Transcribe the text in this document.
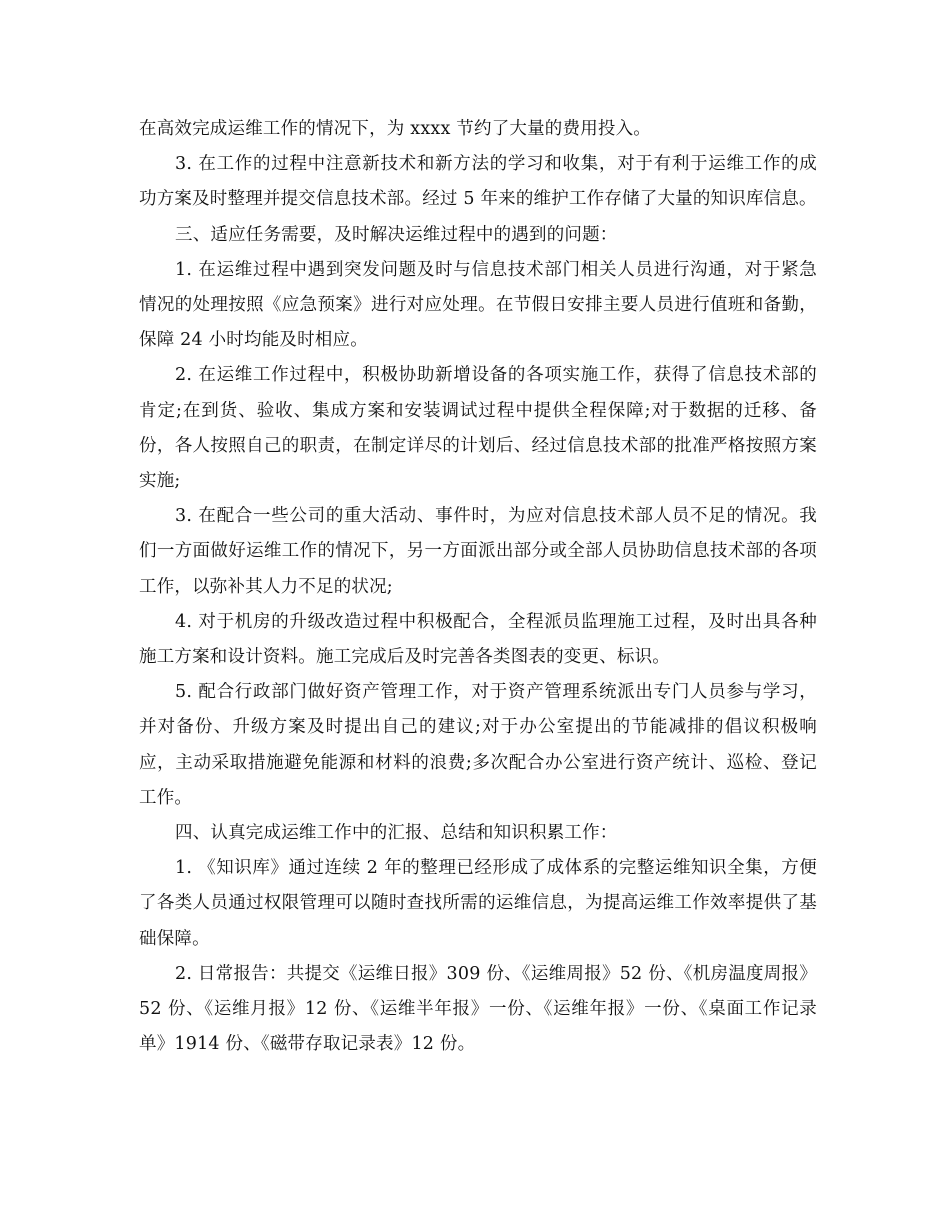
在高效完成运维工作的情况下，为 xxxx 节约了大量的费用投入。

3. 在工作的过程中注意新技术和新方法的学习和收集，对于有利于运维工作的成功方案及时整理并提交信息技术部。经过 5 年来的维护工作存储了大量的知识库信息。

三、适应任务需要，及时解决运维过程中的遇到的问题：

1. 在运维过程中遇到突发问题及时与信息技术部门相关人员进行沟通，对于紧急情况的处理按照《应急预案》进行对应处理。在节假日安排主要人员进行值班和备勤，保障 24 小时均能及时相应。

2. 在运维工作过程中，积极协助新增设备的各项实施工作，获得了信息技术部的肯定;在到货、验收、集成方案和安装调试过程中提供全程保障;对于数据的迁移、备份，各人按照自己的职责，在制定详尽的计划后、经过信息技术部的批准严格按照方案实施;

3. 在配合一些公司的重大活动、事件时，为应对信息技术部人员不足的情况。我们一方面做好运维工作的情况下，另一方面派出部分或全部人员协助信息技术部的各项工作，以弥补其人力不足的状况;

4. 对于机房的升级改造过程中积极配合，全程派员监理施工过程，及时出具各种施工方案和设计资料。施工完成后及时完善各类图表的变更、标识。

5. 配合行政部门做好资产管理工作，对于资产管理系统派出专门人员参与学习，并对备份、升级方案及时提出自己的建议;对于办公室提出的节能减排的倡议积极响应，主动采取措施避免能源和材料的浪费;多次配合办公室进行资产统计、巡检、登记工作。

四、认真完成运维工作中的汇报、总结和知识积累工作：

1. 《知识库》通过连续 2 年的整理已经形成了成体系的完整运维知识全集，方便了各类人员通过权限管理可以随时查找所需的运维信息，为提高运维工作效率提供了基础保障。

2. 日常报告：共提交《运维日报》309 份、《运维周报》52 份、《机房温度周报》52 份、《运维月报》12 份、《运维半年报》一份、《运维年报》一份、《桌面工作记录单》1914 份、《磁带存取记录表》12 份。
